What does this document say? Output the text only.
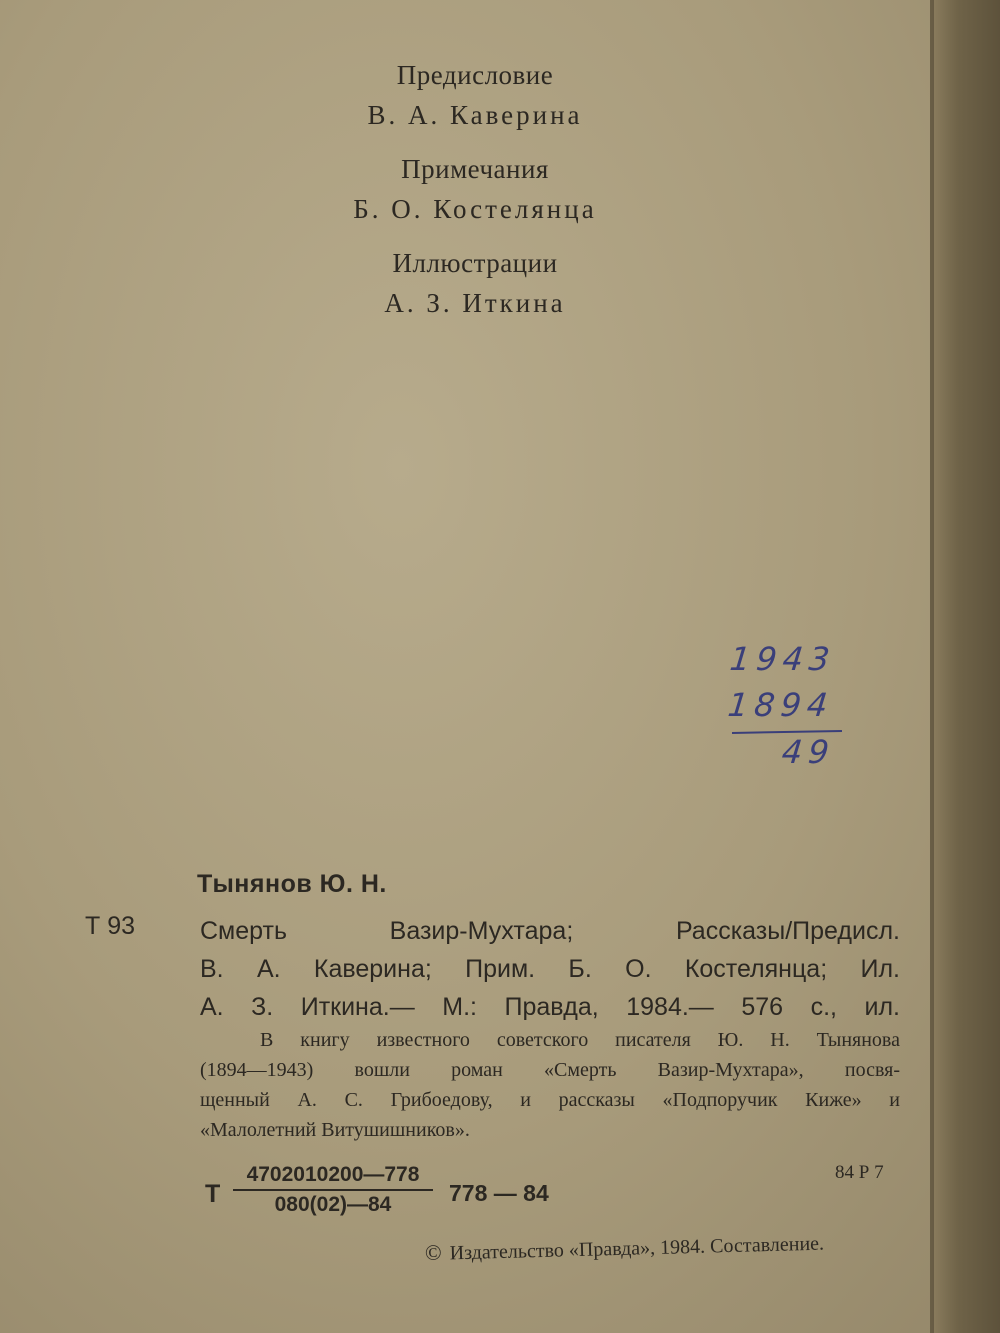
Предисловие
В. А. Каверина
Примечания
Б. О. Костелянца
Иллюстрации
А. З. Иткина
1943
1894
49
Тынянов Ю. Н.
Т 93	Смерть Вазир-Мухтара; Рассказы/Предисл.
В. А. Каверина; Прим. Б. О. Костелянца; Ил.
А. З. Иткина.— М.: Правда, 1984.— 576 с., ил.
В книгу известного советского писателя Ю. Н. Тынянова
(1894—1943) вошли роман «Смерть Вазир-Мухтара», посвя-
щенный А. С. Грибоедову, и рассказы «Подпоручик Киже» и
«Малолетний Витушишников».
84 Р 7
Т
4702010200—778
080(02)—84	778 — 84
© Издательство «Правда», 1984. Составление.
